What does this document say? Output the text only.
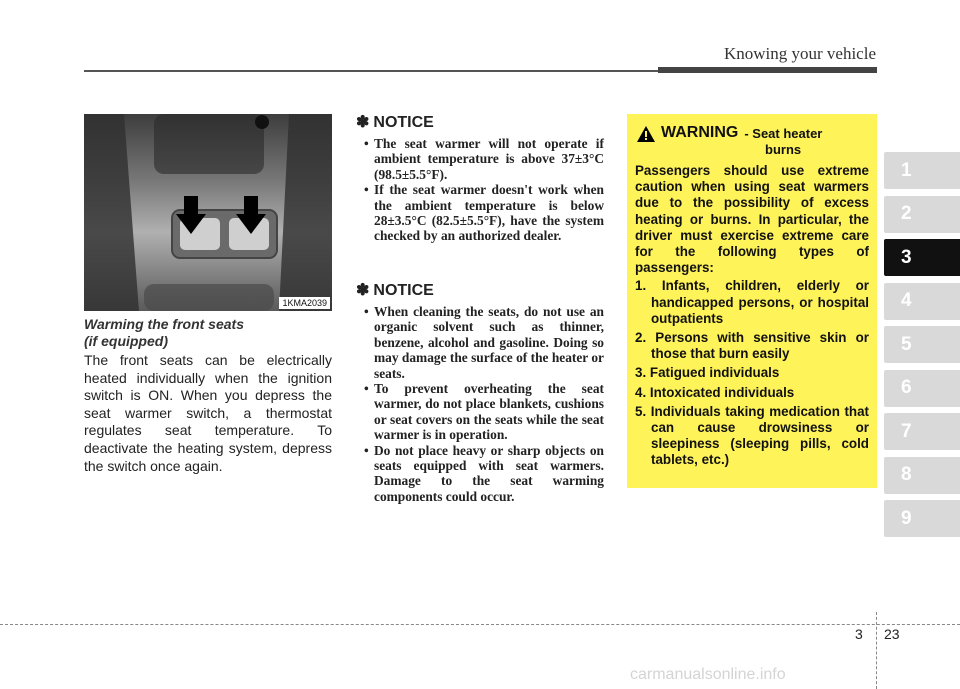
Knowing your vehicle
1KMA2039
Warming the front seats
(if equipped)
The front seats can be electrically heated individually when the ignition switch is ON. When you depress the seat warmer switch, a thermostat regulates seat temperature. To deactivate the heating system, depress the switch once again.
✽ NOTICE
• The seat warmer will not operate if ambient temperature is above 37±3°C (98.5±5.5°F).
• If the seat warmer doesn't work when the ambient temperature is below 28±3.5°C (82.5±5.5°F), have the system checked by an authorized dealer.
✽ NOTICE
• When cleaning the seats, do not use an organic solvent such as thinner, benzene, alcohol and gasoline. Doing so may damage the surface of the heater or seats.
• To prevent overheating the seat warmer, do not place blankets, cushions or seat covers on the seats while the seat warmer is in operation.
• Do not place heavy or sharp objects on seats equipped with seat warmers. Damage to the seat warming components could occur.
WARNING - Seat heater
burns
Passengers should use extreme caution when using seat warmers due to the possibility of excess heating or burns. In particular, the driver must exercise extreme care for the following types of passengers:
1. Infants, children, elderly or handicapped persons, or hospital outpatients
2. Persons with sensitive skin or those that burn easily
3. Fatigued individuals
4. Intoxicated individuals
5. Individuals taking medication that can cause drowsiness or sleepiness (sleeping pills, cold tablets, etc.)
1
2
3
4
5
6
7
8
9
3 23
carmanualsonline.info
